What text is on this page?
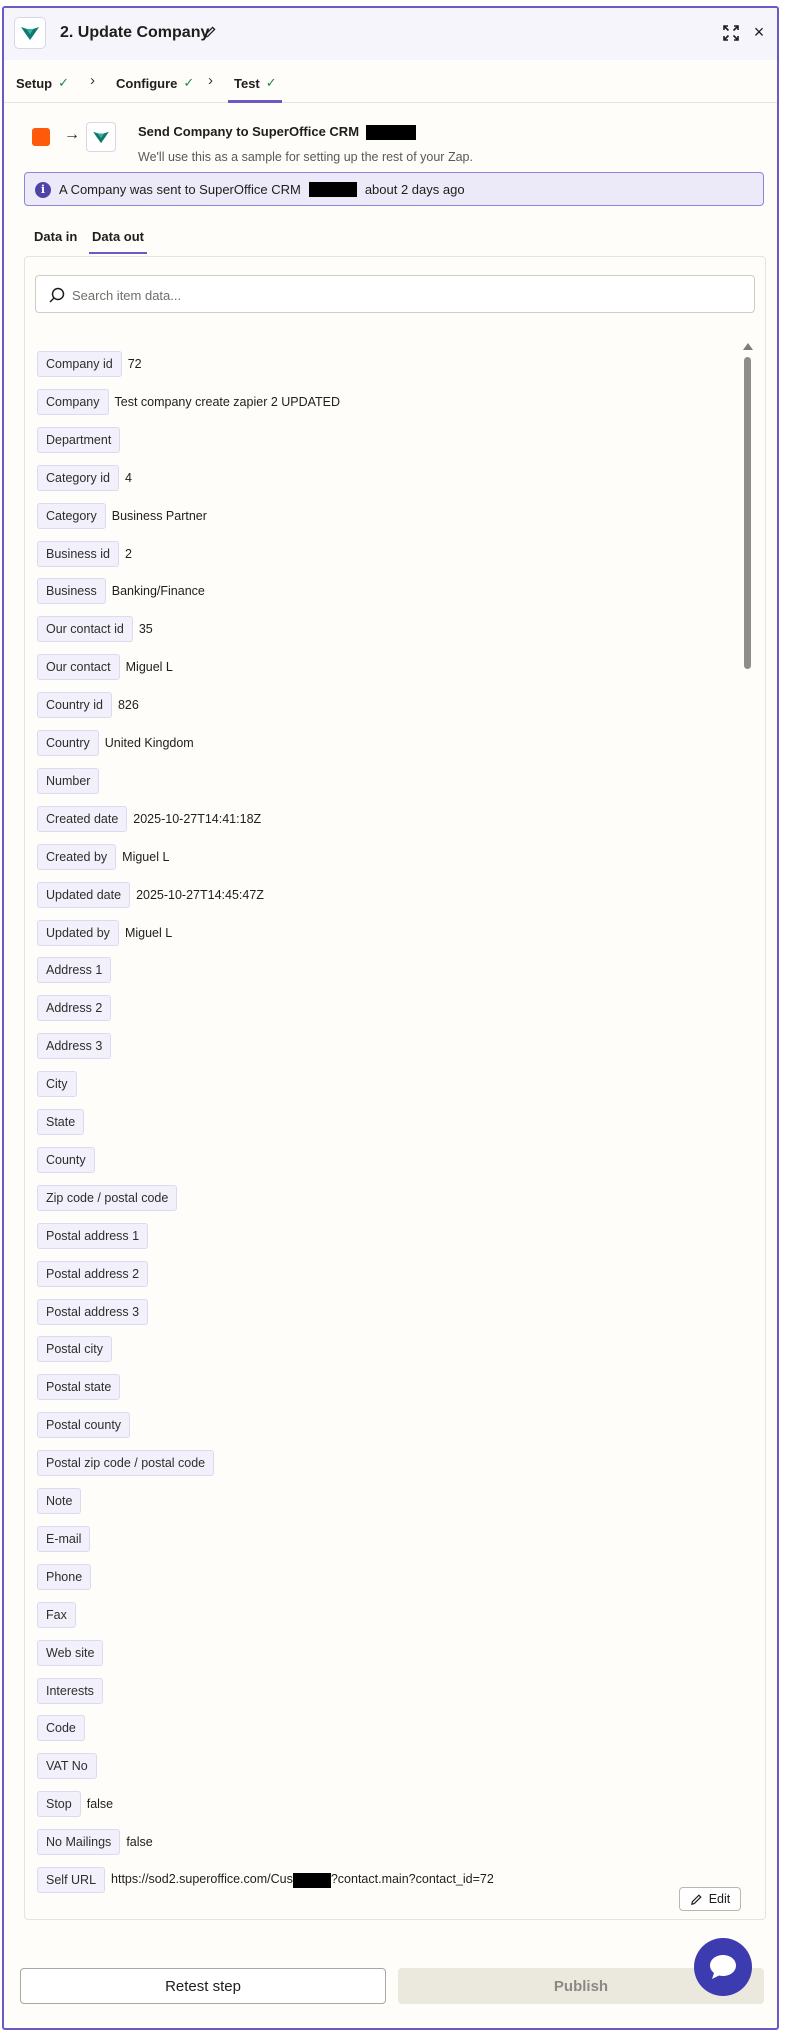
2. Update Company	×
Setup ✓ › Configure ✓ › Test ✓
→	Send Company to SuperOffice CRM
We'll use this as a sample for setting up the rest of your Zap.
i	A Company was sent to SuperOffice CRM	about 2 days ago
Data in Data out
Search item data...
Company id	72
Company	Test company create zapier 2 UPDATED
Department
Category id	4
Category	Business Partner
Business id	2
Business	Banking/Finance
Our contact id	35
Our contact	Miguel L
Country id	826
Country	United Kingdom
Number
Created date	2025-10-27T14:41:18Z
Created by	Miguel L
Updated date	2025-10-27T14:45:47Z
Updated by	Miguel L
Address 1
Address 2
Address 3
City
State
County
Zip code / postal code
Postal address 1
Postal address 2
Postal address 3
Postal city
Postal state
Postal county
Postal zip code / postal code
Note
E-mail
Phone
Fax
Web site
Interests
Code
VAT No
Stop	false
No Mailings	false
Self URL	https://sod2.superoffice.com/Cus	?contact.main?contact_id=72
Edit
Retest step	Publish
